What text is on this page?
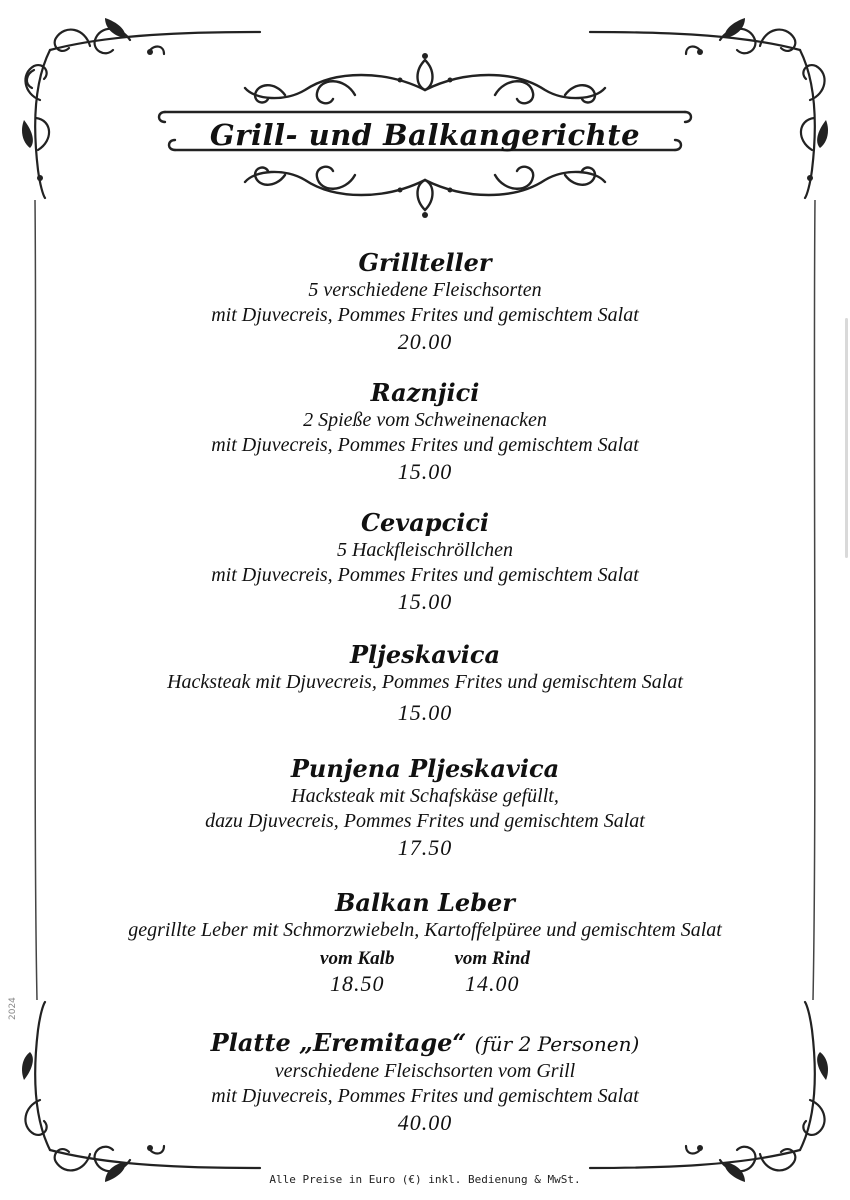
Grill- und Balkangerichte
Grillteller
5 verschiedene Fleischsorten
mit Djuvecreis, Pommes Frites und gemischtem Salat
20.00
Raznjici
2 Spieße vom Schweinenacken
mit Djuvecreis, Pommes Frites und gemischtem Salat
15.00
Cevapcici
5 Hackfleischröllchen
mit Djuvecreis, Pommes Frites und gemischtem Salat
15.00
Pljeskavica
Hacksteak mit Djuvecreis, Pommes Frites und gemischtem Salat
15.00
Punjena Pljeskavica
Hacksteak mit Schafskäse gefüllt,
dazu Djuvecreis, Pommes Frites und gemischtem Salat
17.50
Balkan Leber
gegrillte Leber mit Schmorzwiebeln, Kartoffelpüree und gemischtem Salat
vom Kalb
18.50
vom Rind
14.00
Platte „Eremitage“ (für 2 Personen)
verschiedene Fleischsorten vom Grill
mit Djuvecreis, Pommes Frites und gemischtem Salat
40.00
Alle Preise in Euro (€) inkl. Bedienung & MwSt.
2024
